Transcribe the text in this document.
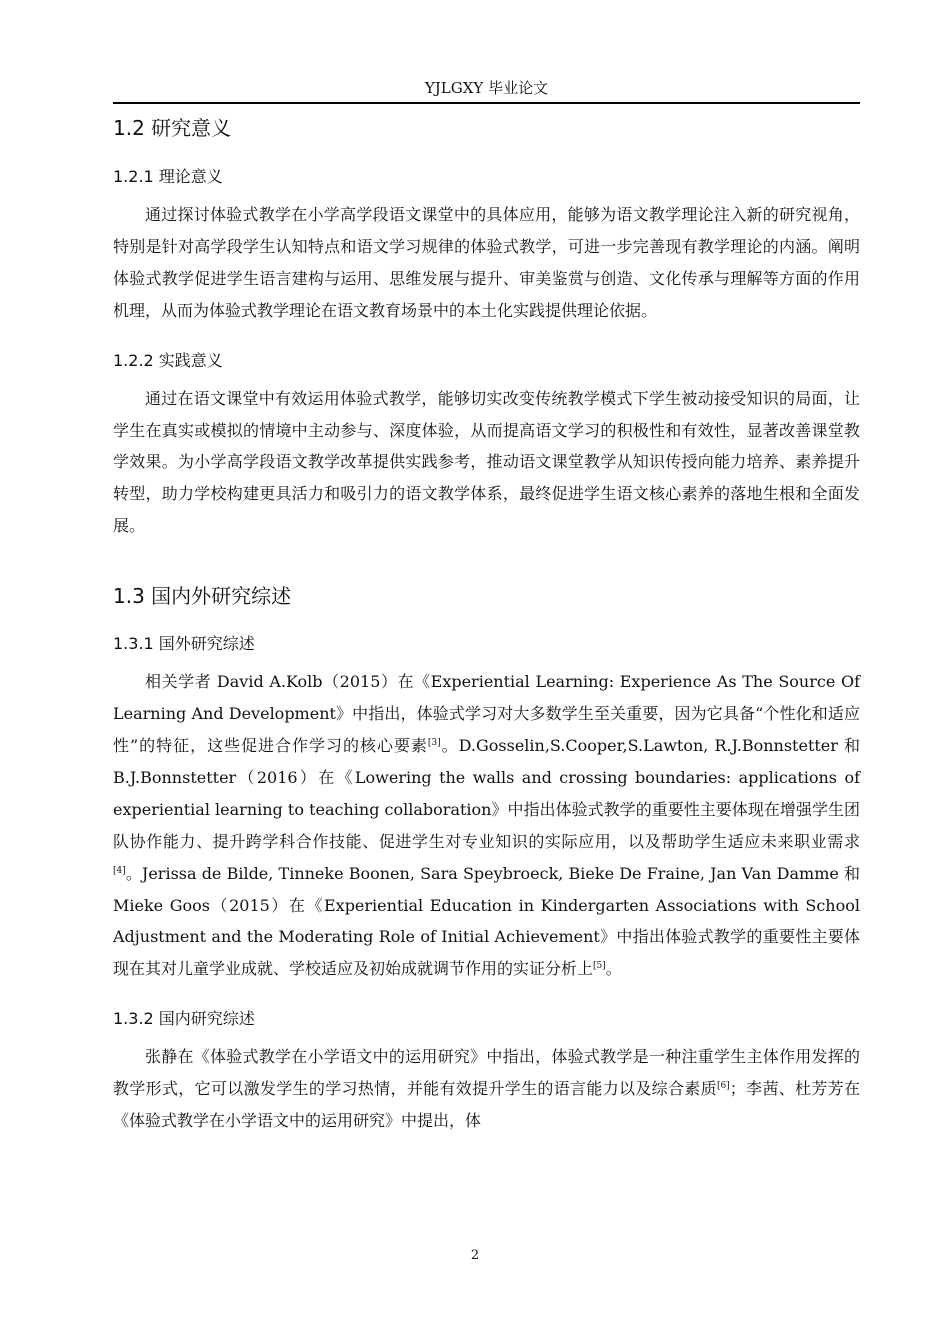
YJLGXY 毕业论文
1.2 研究意义
1.2.1 理论意义

通过探讨体验式教学在小学高学段语文课堂中的具体应用，能够为语文教学理论注入新的研究视角，特别是针对高学段学生认知特点和语文学习规律的体验式教学，可进一步完善现有教学理论的内涵。阐明体验式教学促进学生语言建构与运用、思维发展与提升、审美鉴赏与创造、文化传承与理解等方面的作用机理，从而为体验式教学理论在语文教育场景中的本土化实践提供理论依据。

1.2.2 实践意义

通过在语文课堂中有效运用体验式教学，能够切实改变传统教学模式下学生被动接受知识的局面，让学生在真实或模拟的情境中主动参与、深度体验，从而提高语文学习的积极性和有效性，显著改善课堂教学效果。为小学高学段语文教学改革提供实践参考，推动语文课堂教学从知识传授向能力培养、素养提升转型，助力学校构建更具活力和吸引力的语文教学体系，最终促进学生语文核心素养的落地生根和全面发展。

1.3 国内外研究综述
1.3.1 国外研究综述

相关学者 David A.Kolb（2015）在《Experiential Learning: Experience As The Source Of Learning And Development》中指出，体验式学习对大多数学生至关重要，因为它具备“个性化和适应性”的特征，这些促进合作学习的核心要素[3]。D.Gosselin,S.Cooper,S.Lawton, R.J.Bonnstetter 和 B.J.Bonnstetter（2016）在《Lowering the walls and crossing boundaries: applications of experiential learning to teaching collaboration》中指出体验式教学的重要性主要体现在增强学生团队协作能力、提升跨学科合作技能、促进学生对专业知识的实际应用，以及帮助学生适应未来职业需求[4]。Jerissa de Bilde, Tinneke Boonen, Sara Speybroeck, Bieke De Fraine, Jan Van Damme 和 Mieke Goos（2015）在《Experiential Education in Kindergarten Associations with School Adjustment and the Moderating Role of Initial Achievement》中指出体验式教学的重要性主要体现在其对儿童学业成就、学校适应及初始成就调节作用的实证分析上[5]。

1.3.2 国内研究综述

张静在《体验式教学在小学语文中的运用研究》中指出，体验式教学是一种注重学生主体作用发挥的教学形式，它可以激发学生的学习热情，并能有效提升学生的语言能力以及综合素质[6]；李茜、杜芳芳在《体验式教学在小学语文中的运用研究》中提出，体

2
